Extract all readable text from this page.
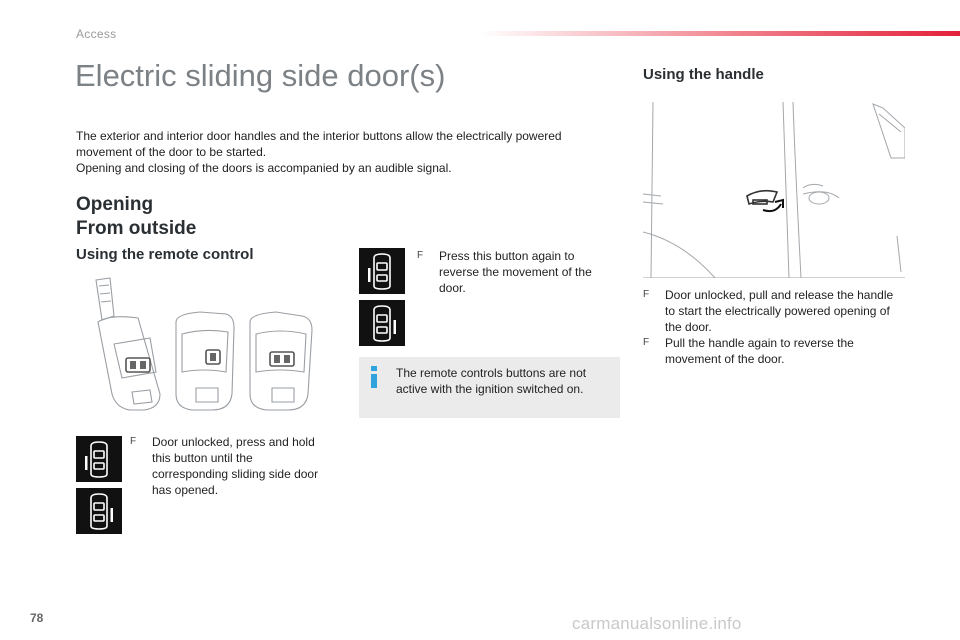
Access
Electric sliding side door(s)

The exterior and interior door handles and the interior buttons allow the electrically powered movement of the door to be started.

Opening and closing of the doors is accompanied by an audible signal.

Opening
From outside
Using the remote control
F	Door unlocked, press and hold this button until the corresponding sliding side door has opened.
F	Press this button again to reverse the movement of the door.
The remote controls buttons are not active with the ignition switched on.
Using the handle
F	Door unlocked, pull and release the handle to start the electrically powered opening of the door.
F	Pull the handle again to reverse the movement of the door.
78	carmanualsonline.info
